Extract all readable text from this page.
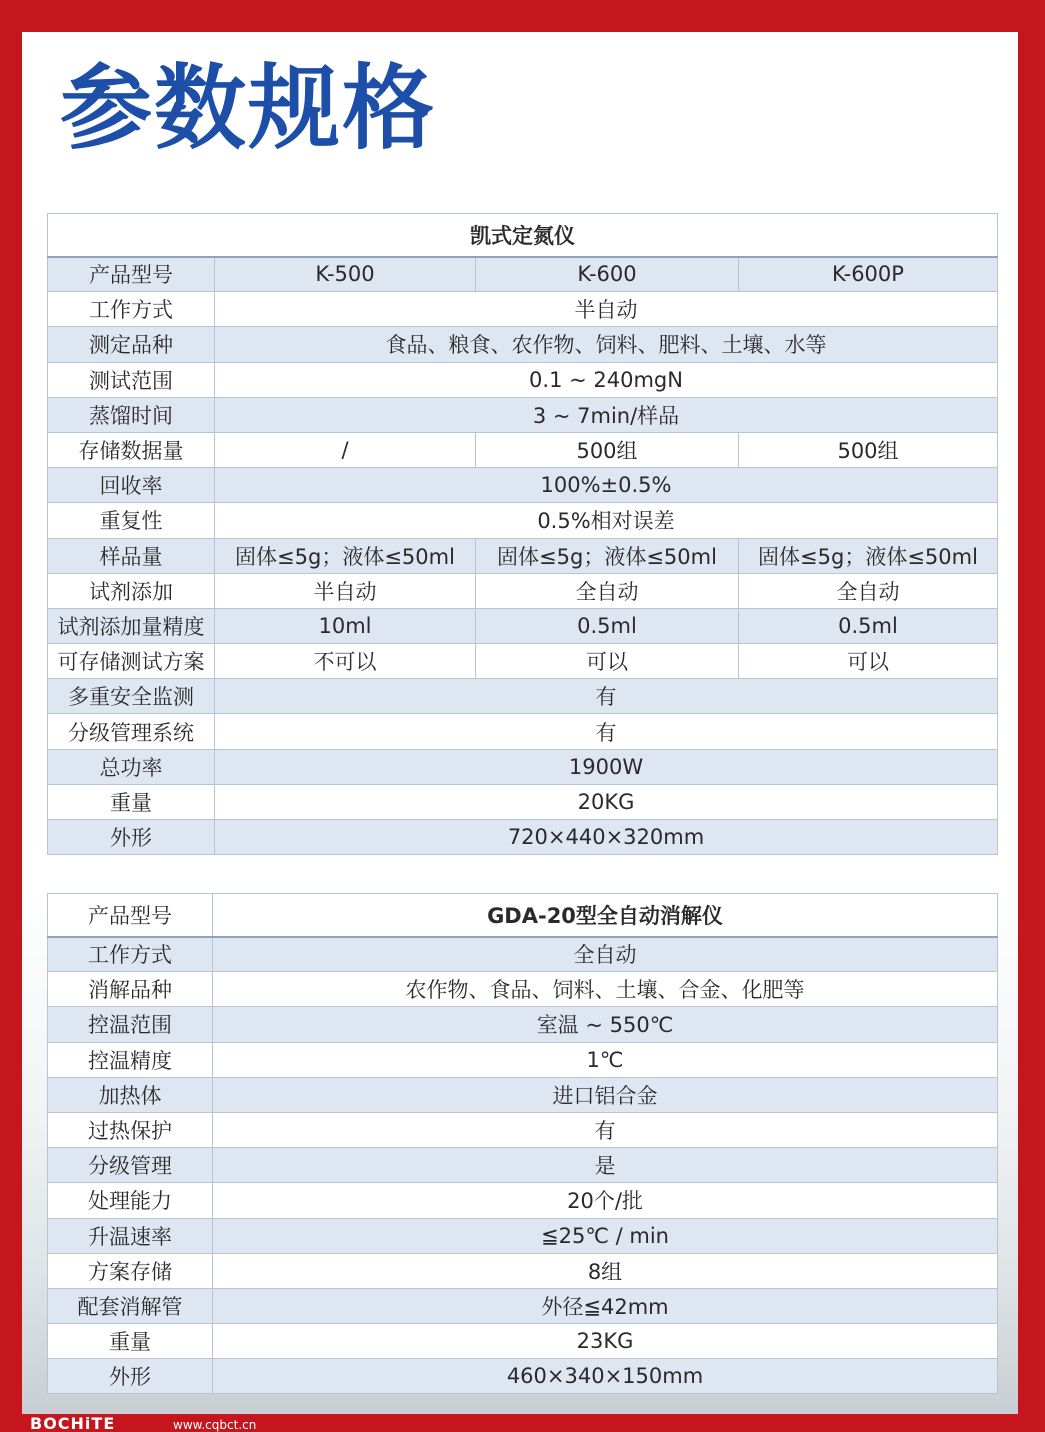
参数规格
凯式定氮仪			
产品型号	K-500	K-600	K-600P
工作方式	半自动		
测定品种	食品、粮食、农作物、饲料、肥料、土壤、水等		
测试范围	0.1 ~ 240mgN		
蒸馏时间	3 ~ 7min/样品		
存储数据量	/	500组	500组
回收率	100%±0.5%		
重复性	0.5%相对误差		
样品量	固体≤5g；液体≤50ml	固体≤5g；液体≤50ml	固体≤5g；液体≤50ml
试剂添加	半自动	全自动	全自动
试剂添加量精度	10ml	0.5ml	0.5ml
可存储测试方案	不可以	可以	可以
多重安全监测	有		
分级管理系统	有		
总功率	1900W		
重量	20KG		
外形	720×440×320mm		
产品型号	GDA-20型全自动消解仪
工作方式	全自动
消解品种	农作物、食品、饲料、土壤、合金、化肥等
控温范围	室温 ~ 550℃
控温精度	1℃
加热体	进口铝合金
过热保护	有
分级管理	是
处理能力	20个/批
升温速率	≦25℃ / min
方案存储	8组
配套消解管	外径≦42mm
重量	23KG
外形	460×340×150mm
BOCHiTE	www.cqbct.cn
